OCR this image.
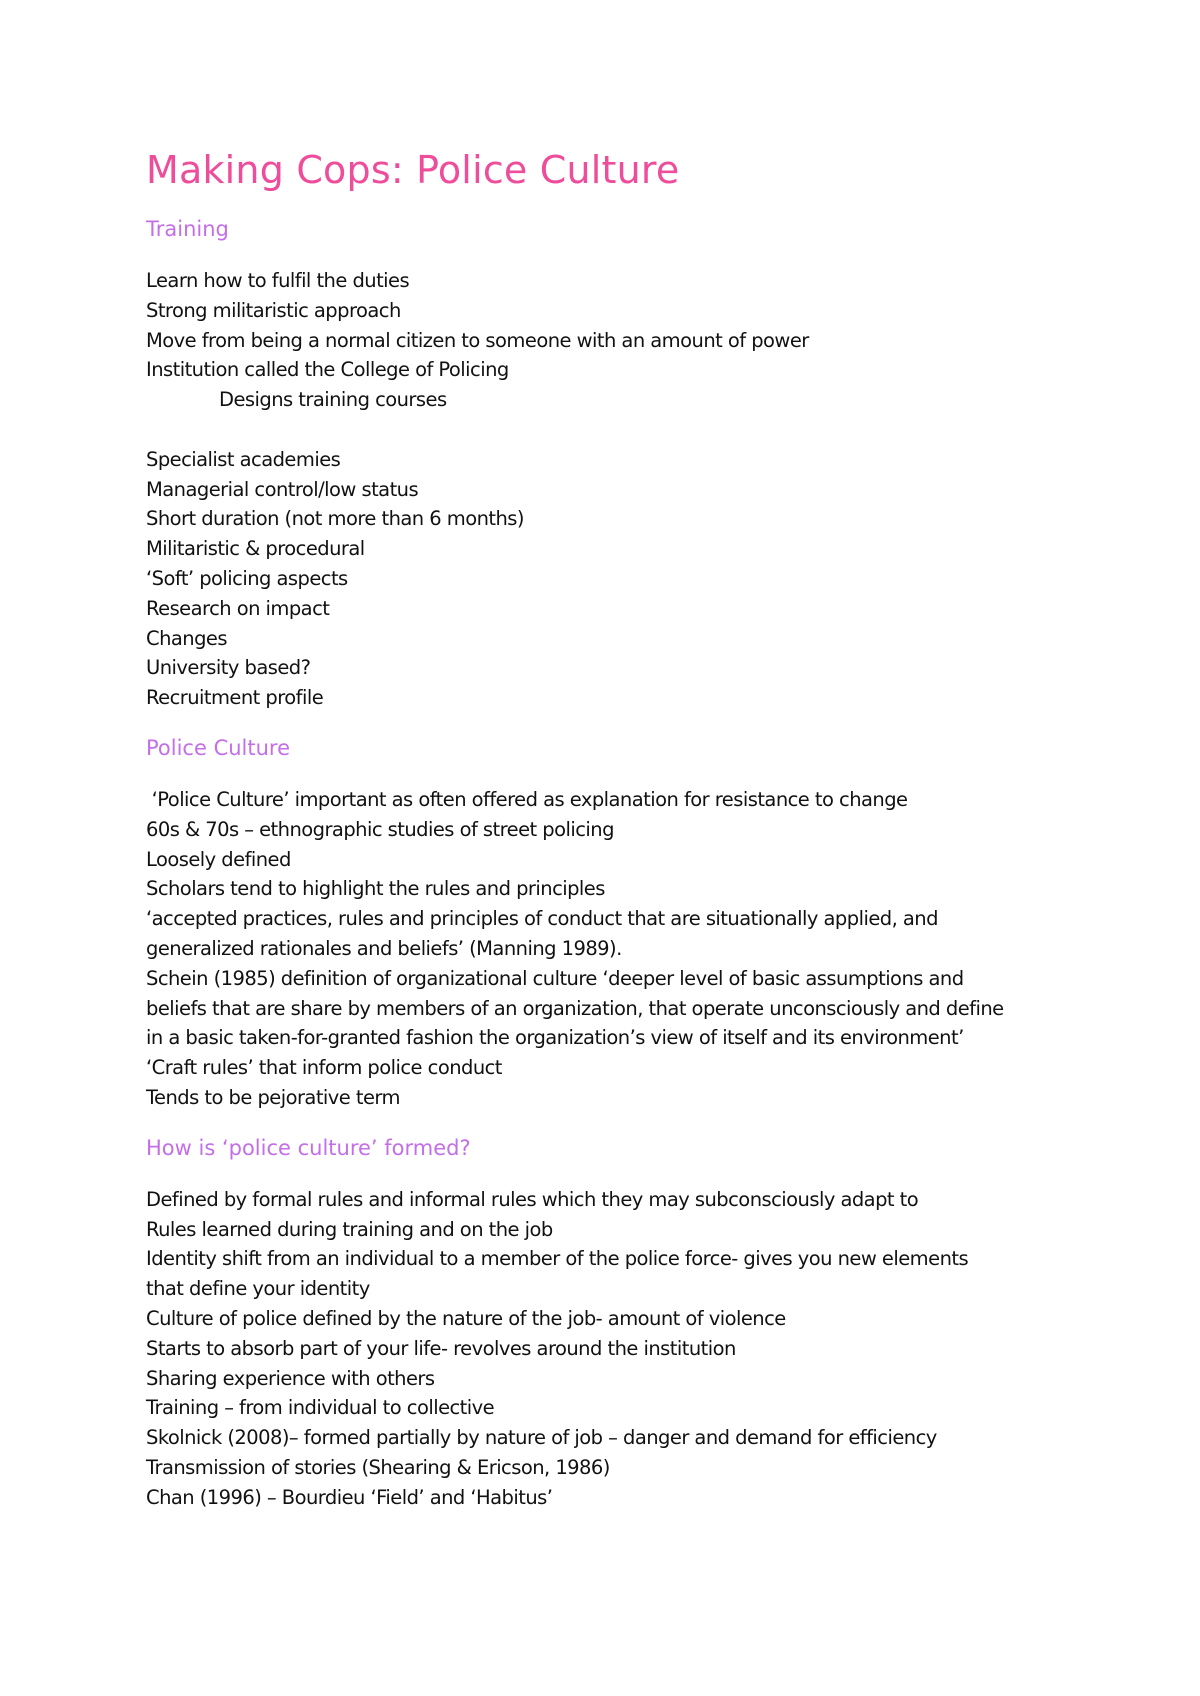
Making Cops: Police Culture
Training
Learn how to fulfil the duties
Strong militaristic approach
Move from being a normal citizen to someone with an amount of power
Institution called the College of Policing
Designs training courses
Specialist academies
Managerial control/low status
Short duration (not more than 6 months)
Militaristic & procedural
‘Soft’ policing aspects
Research on impact
Changes
University based?
Recruitment profile
Police Culture
‘Police Culture’ important as often offered as explanation for resistance to change
60s & 70s – ethnographic studies of street policing
Loosely defined
Scholars tend to highlight the rules and principles
‘accepted practices, rules and principles of conduct that are situationally applied, and
generalized rationales and beliefs’ (Manning 1989).
Schein (1985) definition of organizational culture ‘deeper level of basic assumptions and
beliefs that are share by members of an organization, that operate unconsciously and define
in a basic taken-for-granted fashion the organization’s view of itself and its environment’
‘Craft rules’ that inform police conduct
Tends to be pejorative term
How is ‘police culture’ formed?
Defined by formal rules and informal rules which they may subconsciously adapt to
Rules learned during training and on the job
Identity shift from an individual to a member of the police force- gives you new elements
that define your identity
Culture of police defined by the nature of the job- amount of violence
Starts to absorb part of your life- revolves around the institution
Sharing experience with others
Training – from individual to collective
Skolnick (2008)– formed partially by nature of job – danger and demand for efficiency
Transmission of stories (Shearing & Ericson, 1986)
Chan (1996) – Bourdieu ‘Field’ and ‘Habitus’
